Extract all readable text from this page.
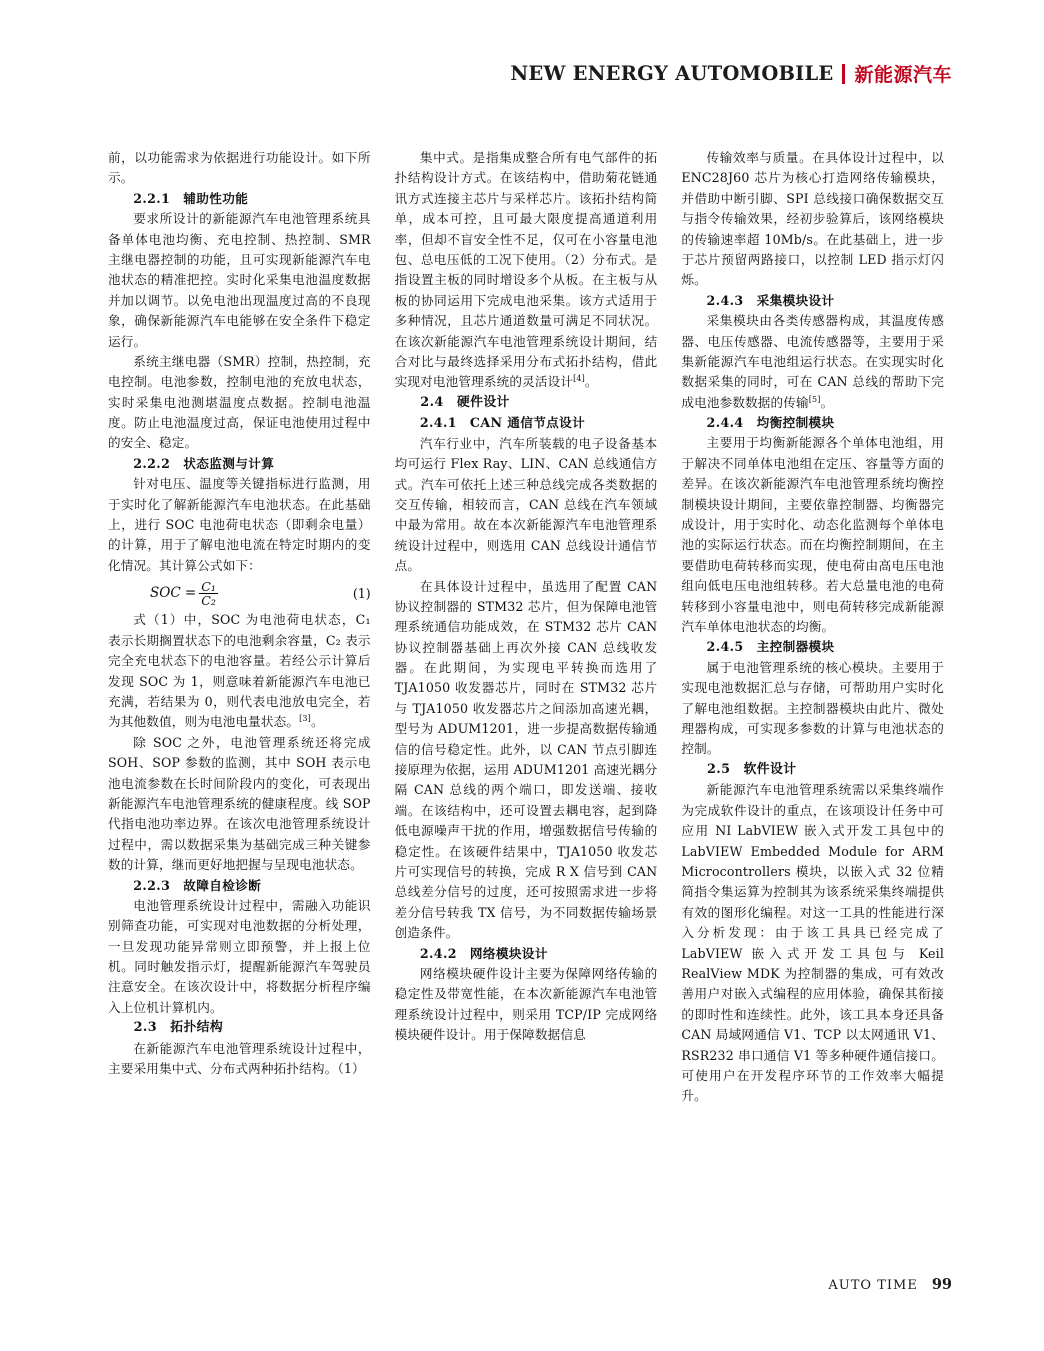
NEW ENERGY AUTOMOBILE 新能源汽车

前，以功能需求为依据进行功能设计。如下所示。

2.2.1　辅助性功能

要求所设计的新能源汽车电池管理系统具备单体电池均衡、充电控制、热控制、SMR 主继电器控制的功能，且可实现新能源汽车电池状态的精准把控。实时化采集电池温度数据并加以调节。以免电池出现温度过高的不良现象，确保新能源汽车电能够在安全条件下稳定运行。

系统主继电器（SMR）控制，热控制，充电控制。电池参数，控制电池的充放电状态，实时采集电池测堪温度点数据。控制电池温度。防止电池温度过高，保证电池使用过程中的安全、稳定。

2.2.2　状态监测与计算

针对电压、温度等关键指标进行监测，用于实时化了解新能源汽车电池状态。在此基础上，进行 SOC 电池荷电状态（即剩余电量）的计算，用于了解电池电流在特定时期内的变化情况。其计算公式如下：

SOC = $\frac{\text{C₁}}{\text{C₂}}$	(1)

式（1）中，SOC 为电池荷电状态，C₁ 表示长期搁置状态下的电池剩余容量，C₂ 表示完全充电状态下的电池容量。若经公示计算后发现 SOC 为 1，则意味着新能源汽车电池已充满，若结果为 0，则代表电池放电完全，若为其他数值，则为电池电量状态。[3]。

除 SOC 之外，电池管理系统还将完成 SOH、SOP 参数的监测，其中 SOH 表示电池电流参数在长时间阶段内的变化，可表现出新能源汽车电池管理系统的健康程度。线 SOP 代指电池功率边界。在该次电池管理系统设计过程中，需以数据采集为基础完成三种关键参数的计算，继而更好地把握与呈现电池状态。

2.2.3　故障自检诊断

电池管理系统设计过程中，需融入功能识别筛查功能，可实现对电池数据的分析处理，一旦发现功能异常则立即预警，并上报上位机。同时触发指示灯，提醒新能源汽车驾驶员注意安全。在该次设计中，将数据分析程序编入上位机计算机内。

2.3　拓扑结构

在新能源汽车电池管理系统设计过程中，主要采用集中式、分布式两种拓扑结构。（1）

集中式。是指集成整合所有电气部件的拓扑结构设计方式。在该结构中，借助菊花链通讯方式连接主芯片与采样芯片。该拓扑结构简单，成本可控，且可最大限度提高通道利用率，但却不盲安全性不足，仅可在小容量电池包、总电压低的工况下使用。（2）分布式。是指设置主板的同时增设多个从板。在主板与从板的协同运用下完成电池采集。该方式适用于多种情况，且芯片通道数量可满足不同状况。在该次新能源汽车电池管理系统设计期间，结合对比与最终选择采用分布式拓扑结构，借此实现对电池管理系统的灵活设计[4]。

2.4　硬件设计
2.4.1　CAN 通信节点设计

汽车行业中，汽车所装载的电子设备基本均可运行 Flex Ray、LIN、CAN 总线通信方式。汽车可依托上述三种总线完成各类数据的交互传输，相较而言，CAN 总线在汽车领域中最为常用。故在本次新能源汽车电池管理系统设计过程中，则选用 CAN 总线设计通信节点。

在具体设计过程中，虽选用了配置 CAN 协议控制器的 STM32 芯片，但为保障电池管理系统通信功能成效，在 STM32 芯片 CAN 协议控制器基础上再次外接 CAN 总线收发器。在此期间，为实现电平转换而选用了 TJA1050 收发器芯片，同时在 STM32 芯片与 TJA1050 收发器芯片之间添加高速光耦，型号为 ADUM1201，进一步提高数据传输通信的信号稳定性。此外，以 CAN 节点引脚连接原理为依据，运用 ADUM1201 高速光耦分隔 CAN 总线的两个端口，即发送端、接收端。在该结构中，还可设置去耦电容，起到降低电源噪声干扰的作用，增强数据信号传输的稳定性。在该硬件结果中，TJA1050 收发芯片可实现信号的转换，完成 R X 信号到 CAN 总线差分信号的过度，还可按照需求进一步将差分信号转我 TX 信号，为不同数据传输场景创造条件。

2.4.2　网络模块设计

网络模块硬件设计主要为保障网络传输的稳定性及带宽性能，在本次新能源汽车电池管理系统设计过程中，则采用 TCP/IP 完成网络模块硬件设计。用于保障数据信息

传输效率与质量。在具体设计过程中，以 ENC28J60 芯片为核心打造网络传输模块，并借助中断引脚、SPI 总线接口确保数据交互与指令传输效果，经初步验算后，该网络模块的传输速率超 10Mb/s。在此基础上，进一步于芯片预留两路接口，以控制 LED 指示灯闪烁。

2.4.3　采集模块设计

采集模块由各类传感器构成，其温度传感器、电压传感器、电流传感器等，主要用于采集新能源汽车电池组运行状态。在实现实时化数据采集的同时，可在 CAN 总线的帮助下完成电池参数数据的传输[5]。

2.4.4　均衡控制模块

主要用于均衡新能源各个单体电池组，用于解决不同单体电池组在定压、容量等方面的差异。在该次新能源汽车电池管理系统均衡控制模块设计期间，主要依靠控制器、均衡器完成设计，用于实时化、动态化监测每个单体电池的实际运行状态。而在均衡控制期间，在主要借助电荷转移而实现，使电荷由高电压电池组向低电压电池组转移。若大总量电池的电荷转移到小容量电池中，则电荷转移完成新能源汽车单体电池状态的均衡。

2.4.5　主控制器模块

属于电池管理系统的核心模块。主要用于实现电池数据汇总与存储，可帮助用户实时化了解电池组数据。主控制器模块由此片、微处理器构成，可实现多参数的计算与电池状态的控制。

2.5　软件设计

新能源汽车电池管理系统需以采集终端作为完成软件设计的重点，在该项设计任务中可应用 NI LabVIEW 嵌入式开发工具包中的 LabVIEW Embedded Module for ARM Microcontrollers 模块，以嵌入式 32 位精简指令集运算为控制其为该系统采集终端提供有效的图形化编程。对这一工具的性能进行深入分析发现：由于该工具具已经完成了 LabVIEW 嵌入式开发工具包与 Keil RealView MDK 为控制器的集成，可有效改善用户对嵌入式编程的应用体验，确保其衔接的即时性和连续性。此外，该工具本身还具备 CAN 局域网通信 V1、TCP 以太网通讯 V1、RSR232 串口通信 V1 等多种硬件通信接口。可使用户在开发程序环节的工作效率大幅提升。

AUTO TIME 99
